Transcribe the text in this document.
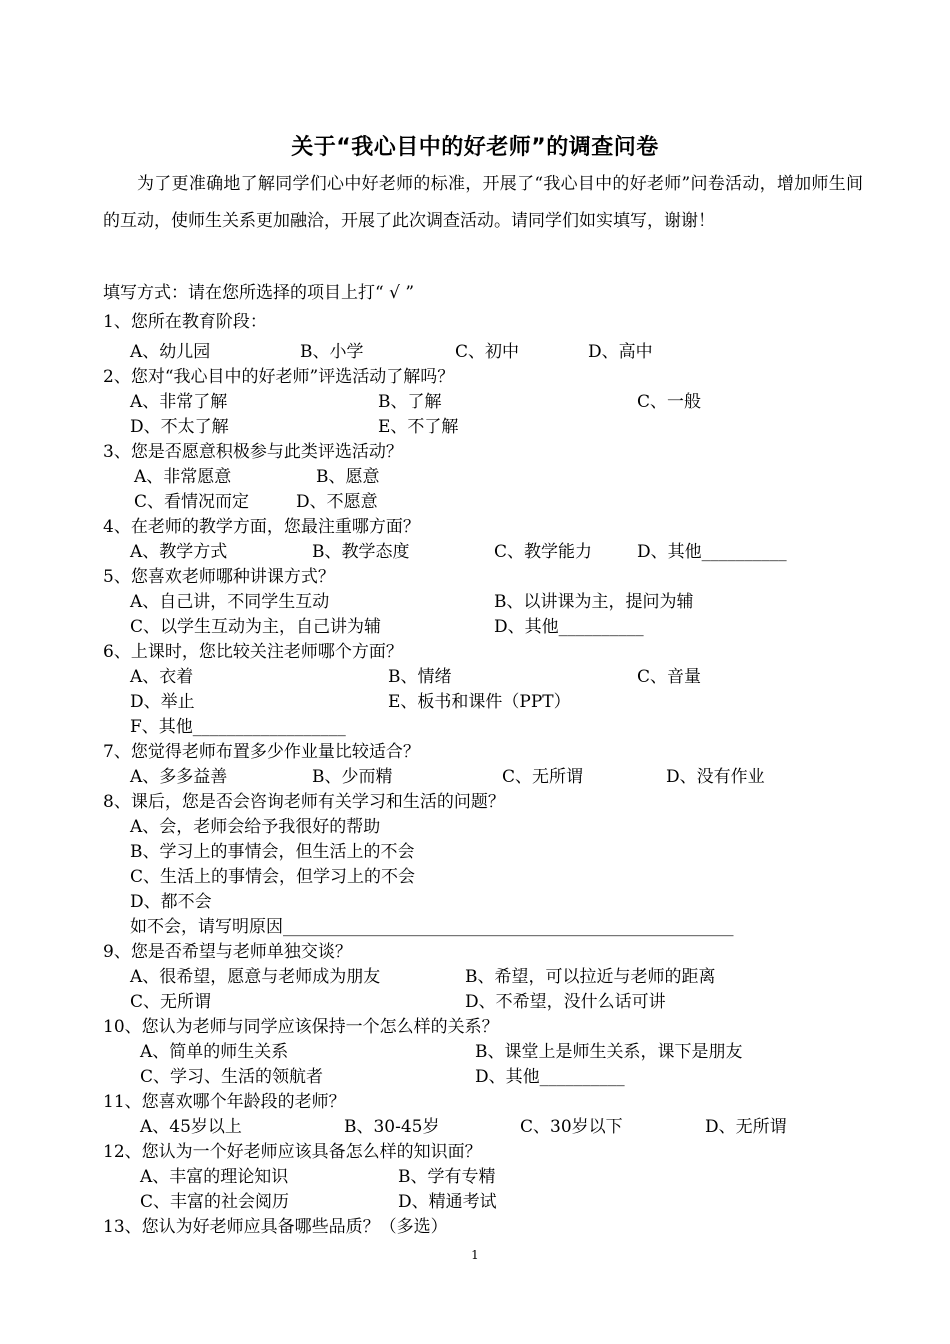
关于“我心目中的好老师”的调查问卷
为了更准确地了解同学们心中好老师的标准，开展了“我心目中的好老师”问卷活动，增加师生间的互动，使师生关系更加融洽，开展了此次调查活动。请同学们如实填写，谢谢！
填写方式：请在您所选择的项目上打“ √ ”
1、您所在教育阶段：
A、幼儿园	B、小学	C、初中	D、高中
2、您对“我心目中的好老师”评选活动了解吗？
A、非常了解	B、了解	C、一般
D、不太了解	E、不了解
3、您是否愿意积极参与此类评选活动？
A、非常愿意	B、愿意
C、看情况而定	D、不愿意
4、在老师的教学方面，您最注重哪方面？
A、教学方式	B、教学态度	C、教学能力	D、其他__________
5、您喜欢老师哪种讲课方式？
A、自己讲，不同学生互动	B、以讲课为主，提问为辅
C、以学生互动为主，自己讲为辅	D、其他__________
6、上课时，您比较关注老师哪个方面？
A、衣着	B、情绪	C、音量
D、举止	E、板书和课件（PPT）
F、其他__________________
7、您觉得老师布置多少作业量比较适合？
A、多多益善	B、少而精	C、无所谓	D、没有作业
8、课后，您是否会咨询老师有关学习和生活的问题？
A、会，老师会给予我很好的帮助
B、学习上的事情会，但生活上的不会
C、生活上的事情会，但学习上的不会
D、都不会
如不会，请写明原因_____________________________________________________
9、您是否希望与老师单独交谈？
A、很希望，愿意与老师成为朋友	B、希望，可以拉近与老师的距离
C、无所谓	D、不希望，没什么话可讲
10、您认为老师与同学应该保持一个怎么样的关系？
A、简单的师生关系	B、课堂上是师生关系，课下是朋友
C、学习、生活的领航者	D、其他__________
11、您喜欢哪个年龄段的老师？
A、45岁以上	B、30-45岁	C、30岁以下	D、无所谓
12、您认为一个好老师应该具备怎么样的知识面？
A、丰富的理论知识	B、学有专精
C、丰富的社会阅历	D、精通考试
13、您认为好老师应具备哪些品质？（多选）
1
